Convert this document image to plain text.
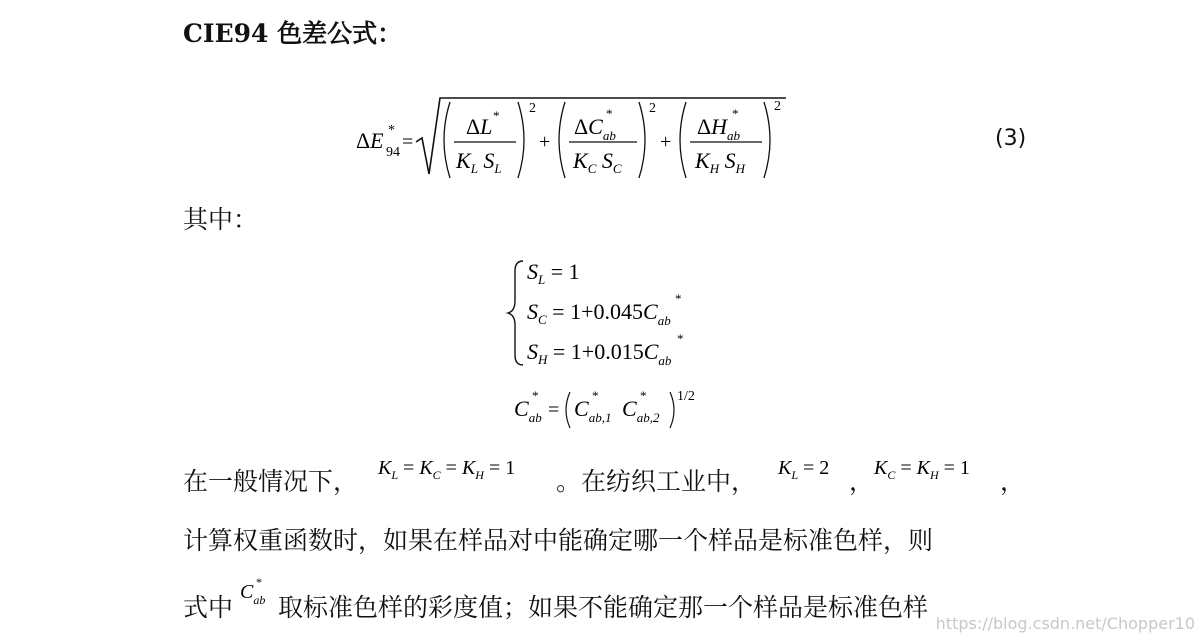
CIE94 色差公式：
ΔE *
94 =
ΔL *
$K_L$ $S_L$
2
+
$\Delta C_{ab}$
*
$K_C$ $S_C$
2
+
$\Delta H_{ab}$
*
$K_H$ $S_H$
2
(3)
其中：
$S_L = 1$
$S_C = 1+0.045C_{ab}$
*
$S_H = 1+0.015C_{ab}$
*
$C_{ab}$
*
= $C_{ab,1}$
*
$C_{ab,2}$
* 1/2
在一般情况下， $K_L = K_C = K_H = 1$ 。在纺织工业中， $K_L = 2$ ， $K_C = K_H = 1$ ，
计算权重函数时，如果在样品对中能确定哪一个样品是标准色样，则
式中
$C_{ab}$
*
取标准色样的彩度值；如果不能确定那一个样品是标准色样
https://blog.csdn.net/Chopper10
